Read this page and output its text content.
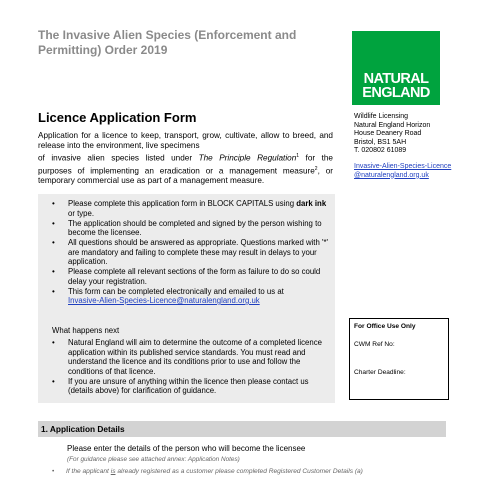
The Invasive Alien Species (Enforcement and
Permitting) Order 2019
NATURAL
ENGLAND
Licence Application Form
Application for a licence to keep, transport, grow, cultivate, allow to breed, and release into the environment, live specimens
of invasive alien species listed under The Principle Regulation$^1$ for the
purposes of implementing an eradication or a management measure$^2$, or
temporary commercial use as part of a management measure.
Wildlife Licensing
Natural England Horizon
House Deanery Road
Bristol, BS1 5AH
T. 020802 61089
Invasive-Alien-Species-Licence@naturalengland.org.uk
• Please complete this application form in BLOCK CAPITALS using dark ink or type.
• The application should be completed and signed by the person wishing to become the licensee.
• All questions should be answered as appropriate. Questions marked with '*' are mandatory and failing to complete these may result in delays to your application.
• Please complete all relevant sections of the form as failure to do so could delay your registration.
• This form can be completed electronically and emailed to us at
Invasive-Alien-Species-Licence@naturalengland.org.uk
What happens next
• Natural England will aim to determine the outcome of a completed licence application within its published service standards. You must read and understand the licence and its conditions prior to use and follow the conditions of that licence.
• If you are unsure of anything within the licence then please contact us (details above) for clarification of guidance.
For Office Use Only
CWM Ref No:
Charter Deadline:
1. Application Details
Please enter the details of the person who will become the licensee
(For guidance please see attached annex: Application Notes)
• If the applicant is already registered as a customer please completed Registered Customer Details (a)
